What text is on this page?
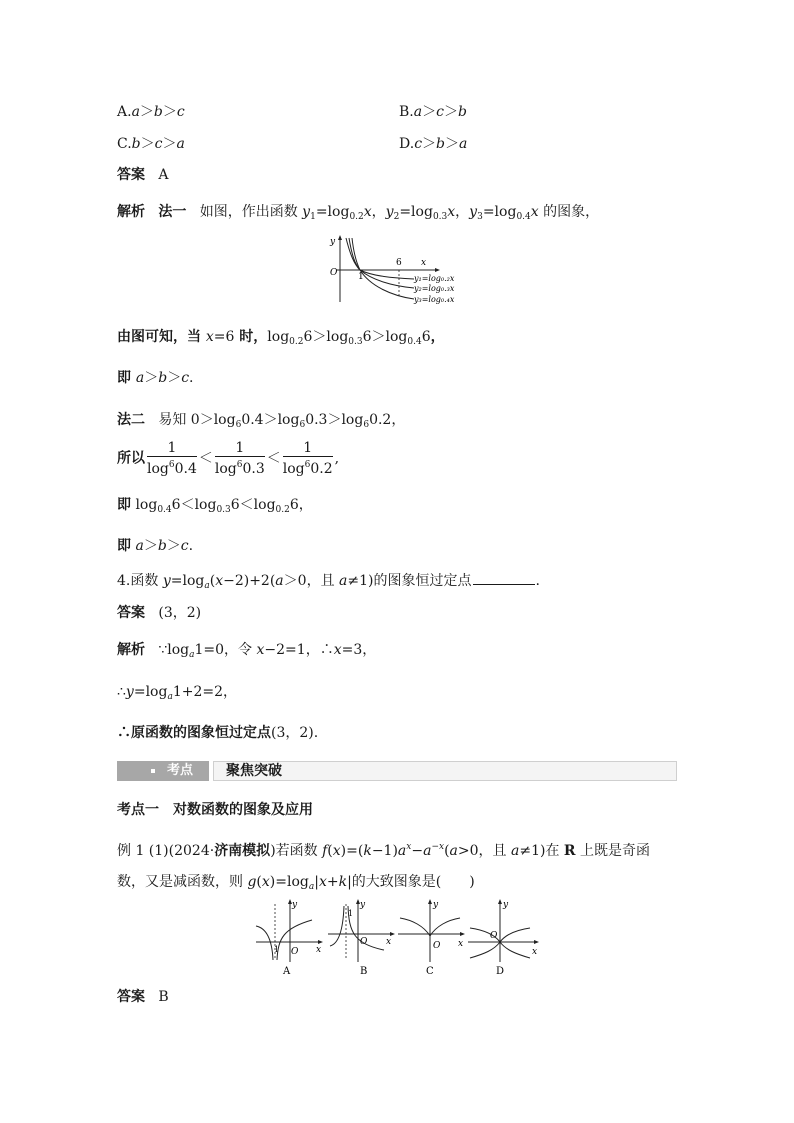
A.a＞b＞c	B.a＞c＞b
C.b＞c＞a	D.c＞b＞a
答案 A
解析 法一   如图，作出函数 $y_1=\log_{0.2}x$，$y_2=\log_{0.3}x$，$y_3=\log_{0.4}x$ 的图象，
y
O 1
6 x
y₁=log₀.₂x
y₂=log₀.₃x
y₃=log₀.₄x
由图可知，当 x=6 时，$\log_{0.2}6>\log_{0.3}6>\log_{0.4}6$，
即 a＞b＞c.
法二   易知 $0>\log_60.4>\log_60.3>\log_60.2$，
所以 $\frac{1}{\log^60.4} < \frac{1}{\log^60.3} < \frac{1}{\log^60.2}$ ,
即 $\log_{0.4}6<\log_{0.3}6<\log_{0.2}6$，
即 a＞b＞c.
4.函数 $y=\log_a(x-2)+2(a>0$，且 a≠1)的图象恒过定点	.
答案 (3，2)
解析   $\because\log_a1=0$，令 x−2=1，∴x=3，
$\therefore y=\log_a1+2=2$，
∴原函数的图象恒过定点(3，2).
考点 聚焦突破
考点一　对数函数的图象及应用
例 1 (1)(2024·济南模拟)若函数 $f(x)=(k-1)a^x-a^{-x}(a>0$，且 a≠1)在 R 上既是奇函
数，又是减函数，则 $g(x)=\log_a|x+k|$的大致图象是(　　)
y
x
O
1
A
y
x
O
1
B
y
x
O
C
y
x
O
D
答案 B
